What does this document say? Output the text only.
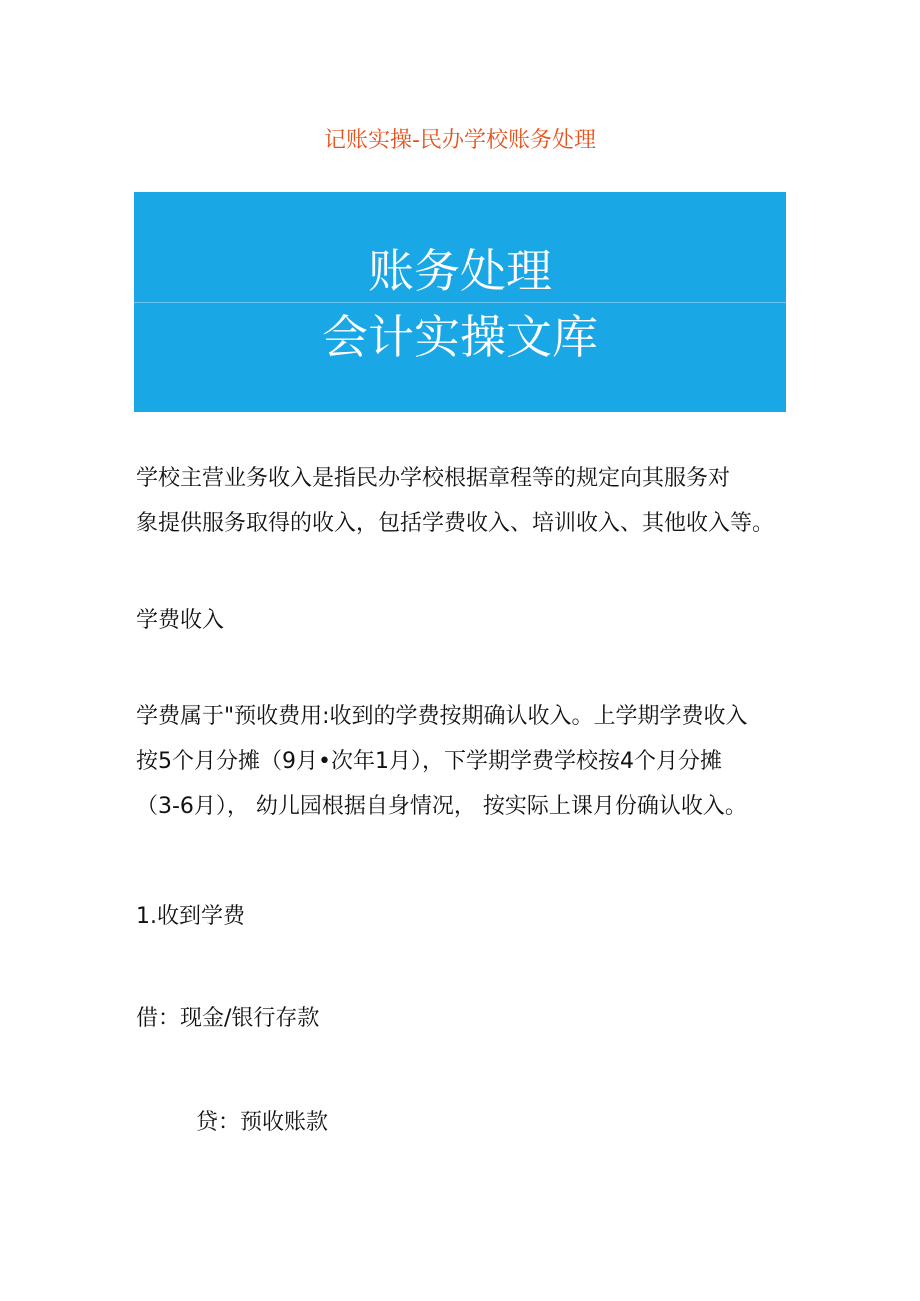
记账实操-民办学校账务处理
账务处理
会计实操文库
学校主营业务收入是指民办学校根据章程等的规定向其服务对
象提供服务取得的收入，包括学费收入、培训收入、其他收入等。
学费收入
学费属于"预收费用:收到的学费按期确认收入。上学期学费收入
按5个月分摊（9月•次年1月），下学期学费学校按4个月分摊
（3-6月）， 幼儿园根据自身情况， 按实际上课月份确认收入。
1.收到学费
借：现金/银行存款
贷：预收账款
